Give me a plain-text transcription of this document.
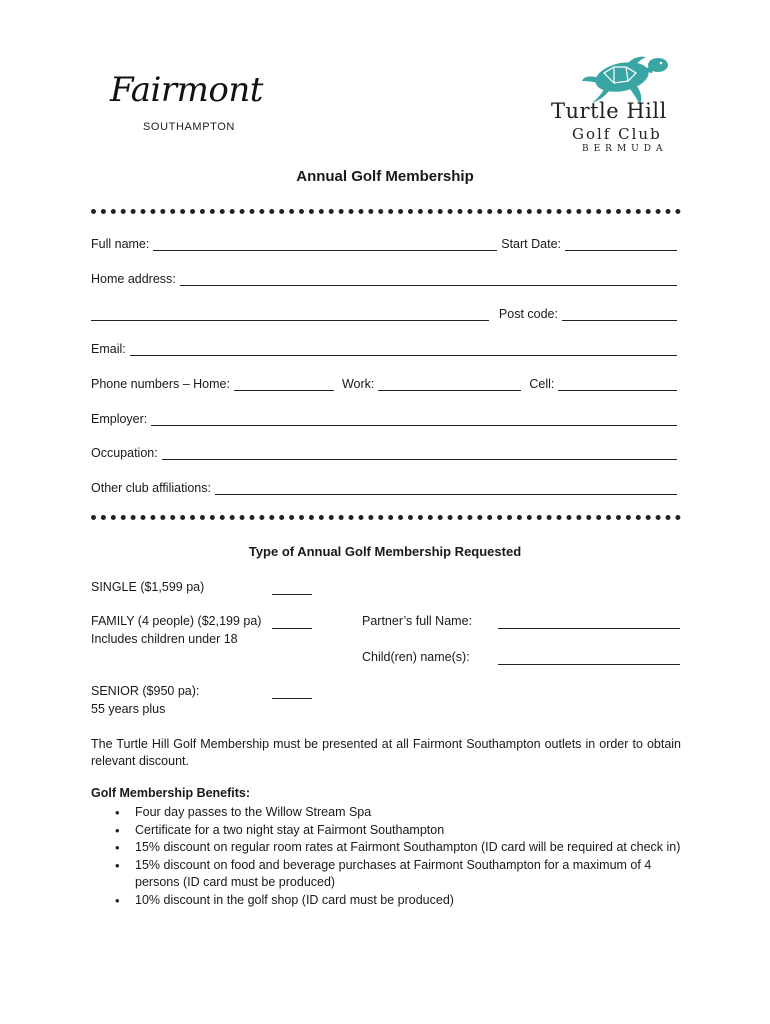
Fairmont
SOUTHAMPTON
Turtle Hill
Golf Club
BERMUDA
Annual Golf Membership
Full name:	Start Date:
Home address:
Post code:
Email:
Phone numbers – Home:	Work:	Cell:
Employer:
Occupation:
Other club affiliations:
Type of Annual Golf Membership Requested
SINGLE ($1,599 pa)
FAMILY (4 people) ($2,199 pa)
Includes children under 18
Partner’s full Name:
Child(ren) name(s):
SENIOR ($950 pa):
55 years plus
The Turtle Hill Golf Membership must be presented at all Fairmont Southampton outlets in order to obtain relevant discount.
Golf Membership Benefits:
• Four day passes to the Willow Stream Spa
• Certificate for a two night stay at Fairmont Southampton
• 15% discount on regular room rates at Fairmont Southampton (ID card will be required at check in)
• 15% discount on food and beverage purchases at Fairmont Southampton for a maximum of 4 persons (ID card must be produced)
• 10% discount in the golf shop (ID card must be produced)
